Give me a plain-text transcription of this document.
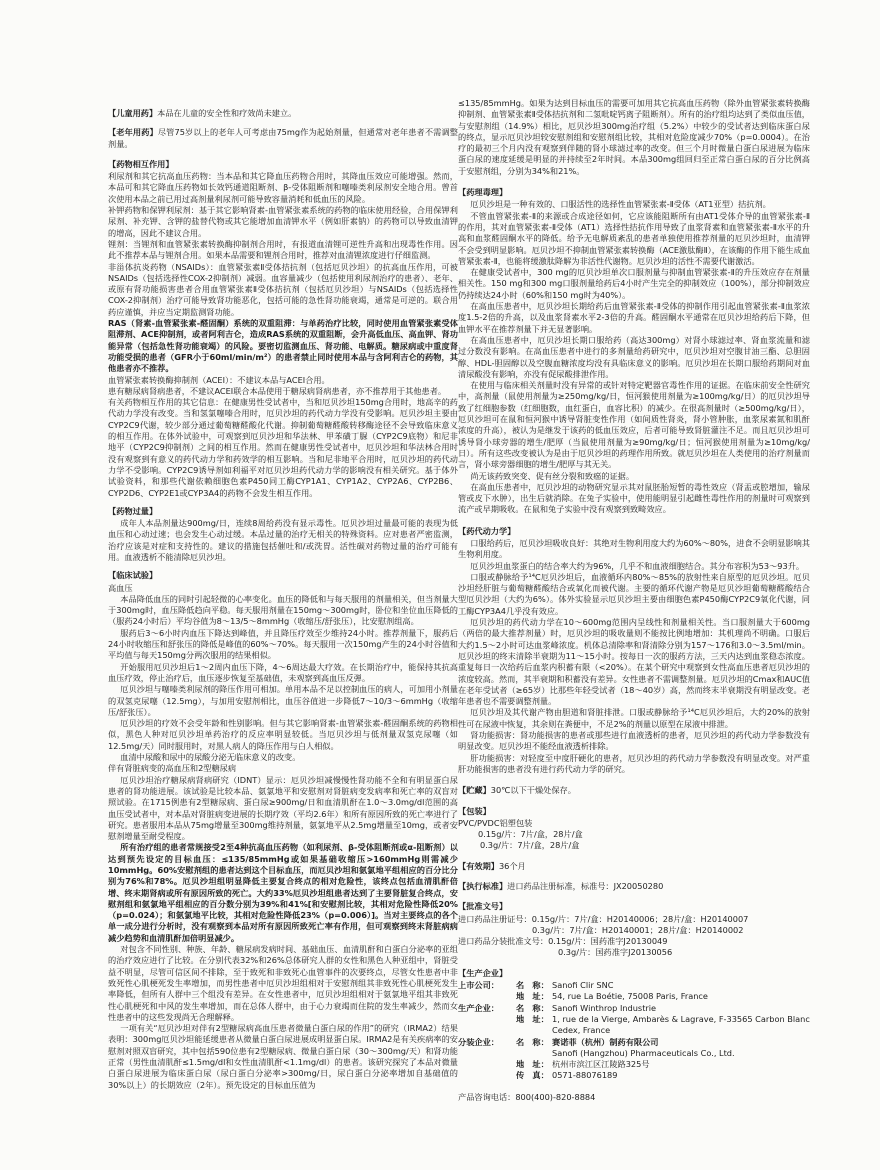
【儿童用药】本品在儿童的安全性和疗效尚未建立。

【老年用药】尽管75岁以上的老年人可考虑由75mg作为起始剂量，但通常对老年患者不需调整剂量。

【药物相互作用】

利尿剂和其它抗高血压药物：当本品和其它降血压药物合用时，其降血压效应可能增强。然而，本品可和其它降血压药物如长效钙通道阻断剂、β-受体阻断剂和噻嗪类利尿剂安全地合用。曾首次使用本品之前已用过高剂量利尿剂可能导致容量消耗和低血压的风险。

补钾药物和保钾利尿剂：基于其它影响肾素-血管紧张素系统的药物的临床使用经验，合用保钾利尿剂、补充钾、含钾的盐替代物或其它能增加血清钾水平（例如肝素钠）的药物可以导致血清钾的增高，因此不建议合用。

锂剂：当锂剂和血管紧张素转换酶抑制剂合用时，有报道血清锂可逆性升高和出现毒性作用。因此不推荐本品与锂剂合用。如果本品需要和锂剂合用时，推荐对血清锂浓度进行仔细监测。

非甾体抗炎药物（NSAIDs）：血管紧张素Ⅱ受体拮抗剂（包括厄贝沙坦）的抗高血压作用，可被NSAIDs（包括选择性COX-2抑制剂）减弱。血容量减少（包括使用利尿剂治疗的患者）、老年、或原有肾功能损害患者合用血管紧张素Ⅱ受体拮抗剂（包括厄贝沙坦）与NSAIDs（包括选择性COX-2抑制剂）治疗可能导致肾功能恶化，包括可能的急性肾功能衰竭，通常是可逆的。联合用药应谨慎，并应当定期监测肾功能。

RAS（肾素-血管紧张素-醛固酮）系统的双重阻滞：与单药治疗比较，同时使用血管紧张素受体阻滞剂、ACE抑制剂，或者阿利吉仑，造成RAS系统的双重阻断，会升高低血压、高血钾、肾功能异常（包括急性肾功能衰竭）的风险。要密切监测血压、肾功能、电解质。糖尿病或中重度肾功能受损的患者（GFR小于60ml/min/m²）的患者禁止同时使用本品与含阿利吉仑的药物，其他患者亦不推荐。

血管紧张素转换酶抑制剂（ACEI）：不建议本品与ACEI合用。

患有糖尿病肾病患者，不建议ACEI联合本品使用于糖尿病肾病患者，亦不推荐用于其他患者。

有关药物相互作用的其它信息：在健康男性受试者中，当和厄贝沙坦150mg合用时，地高辛的药代动力学没有改变。当和氢氯噻嗪合用时，厄贝沙坦的药代动力学没有受影响。厄贝沙坦主要由CYP2C9代谢，较少部分通过葡萄糖醛酸化代谢。抑制葡萄糖醛酸转移酶途径不会导致临床意义的相互作用。在体外试验中，可观察到厄贝沙坦和华法林、甲苯磺丁脲（CYP2C9底物）和尼非地平（CYP2C9抑制剂）之间的相互作用。然而在健康男性受试者中，厄贝沙坦和华法林合用时没有观察到有意义的药代动力学和药效学的相互影响。当和尼非地平合用时，厄贝沙坦的药代动力学不受影响。CYP2C9诱导剂如利福平对厄贝沙坦药代动力学的影响没有相关研究。基于体外试验资料，和那些代谢依赖细胞色素P450同工酶CYP1A1、CYP1A2、CYP2A6、CYP2B6、CYP2D6、CYP2E1或CYP3A4的药物不会发生相互作用。

【药物过量】

成年人本品剂量达900mg/日，连续8周给药没有显示毒性。厄贝沙坦过量最可能的表现为低血压和心动过速；也会发生心动过缓。本品过量的治疗无相关的特殊资料。应对患者严密监测，治疗应该是对症和支持性的。建议的措施包括催吐和/或洗胃。活性碳对药物过量的治疗可能有用。血液透析不能清除厄贝沙坦。

【临床试验】

高血压

本品降低血压的同时引起轻微的心率变化。血压的降低和与每天服用的剂量相关，但当剂量大于300mg时，血压降低趋向平稳。每天服用剂量在150mg～300mg时，卧位和坐位血压降低的（服药24小时后）平均谷值为8～13/5～8mmHg（收缩压/舒张压），比安慰剂组高。

服药后3～6小时内血压下降达到峰值，并且降压疗效至少维持24小时。推荐剂量下，服药后24小时收缩压和舒张压的降低是峰值的60%～70%。每天服用一次150mg产生的24小时谷值和平均值与每天150mg分两次服用的结果相似。

开始服用厄贝沙坦后1～2周内血压下降，4～6周达最大疗效。在长期治疗中，能保持其抗高血压疗效，停止治疗后，血压逐步恢复至基础值，未观察到高血压反弹。

厄贝沙坦与噻嗪类利尿剂的降压作用可相加。单用本品不足以控制血压的病人，可加用小剂量的双氢克尿噻（12.5mg），与加用安慰剂相比，血压谷值进一步降低7～10/3～6mmHg（收缩压/舒张压）。

厄贝沙坦的疗效不会受年龄和性别影响。但与其它影响肾素-血管紧张素-醛固酮系统的药物相似，黑色人种对厄贝沙坦单药治疗的反应率明显较低。当厄贝沙坦与低剂量双氢克尿噻（如12.5mg/天）同时服用时，对黑人病人的降压作用与白人相似。

血清中尿酸和尿中的尿酸分泌无临床意义的改变。

伴有肾脏病变的高血压和2型糖尿病

厄贝沙坦治疗糖尿病肾病研究（IDNT）显示：厄贝沙坦减慢慢性肾功能不全和有明显蛋白尿患者的肾功能进展。该试验是比较本品、氨氯地平和安慰剂对肾脏病变发病率和死亡率的双盲对照试验。在1715例患有2型糖尿病、蛋白尿≥900mg/日和血清肌酐在1.0～3.0mg/dl范围的高血压受试者中，对本品对肾脏病变进展的长期疗效（平均2.6年）和所有原因所致的死亡率进行了研究。患者服用本品从75mg增量至300mg维持剂量，氨氯地平从2.5mg增量至10mg，或者安慰剂增量至耐受程度。

所有治疗组的患者常规接受2至4种抗高血压药物（如利尿剂、β-受体阻断剂或α-阻断剂）以达到预先设定的目标血压：≤135/85mmHg或如果基础收缩压>160mmHg则需减少10mmHg。60%安慰剂组的患者达到这个目标血压，而厄贝沙坦和氨氯地平组相应的百分比分别为76%和78%。厄贝沙坦组明显降低主要复合终点的相对危险性，该终点包括血清肌酐倍增、终末期肾病或所有原因所致的死亡。大约33%厄贝沙坦组患者达到了主要肾脏复合终点，安慰剂组和氨氯地平组相应的百分数分别为39%和41%[和安慰剂比较，其相对危险性降低20%（p=0.024）；和氨氯地平比较，其相对危险性降低23%（p=0.006）]。当对主要终点的各个单一成分进行分析时，没有观察到本品对所有原因所致死亡率有作用，但可观察到终末肾脏病病减少趋势和血清肌酐加倍明显减少。

对包含不同性别、种族、年龄、糖尿病发病时间、基础血压、血清肌酐和白蛋白分泌率的亚组的治疗效应进行了比较。在分别代表32%和26%总体研究人群的女性和黑色人种亚组中，肾脏受益不明显，尽管可信区间不排除，至于致死和非致死心血管事件的次要终点，尽管女性患者中非致死性心肌梗死发生率增加，而男性患者中厄贝沙坦组相对于安慰剂组其非致死性心肌梗死发生率降低，但所有人群中三个组没有差异。在女性患者中，厄贝沙坦组相对于氨氯地平组其非致死性心肌梗死和中风的发生率增加，而在总体人群中，由于心力衰竭而住院的发生率减少，然而女性患者中的这些发现尚无合理解释。

一项有关“厄贝沙坦对伴有2型糖尿病高血压患者微量白蛋白尿的作用”的研究（IRMA2）结果表明：300mg厄贝沙坦能延缓患者从微量白蛋白尿进展成明显蛋白尿。IRMA2是有关疾病率的安慰剂对照双盲研究，其中包括590位患有2型糖尿病、微量白蛋白尿（30～300mg/天）和肾功能正常（男性血清肌酐≤1.5mg/dl和女性血清肌酐<1.1mg/dl）的患者。该研究探究了本品对微量白蛋白尿进展为临床蛋白尿（尿白蛋白分泌率>300mg/日，尿白蛋白分泌率增加自基础值的30%以上）的长期效应（2年）。预先设定的目标血压值为

≤135/85mmHg。如果为达到目标血压的需要可加用其它抗高血压药物（除外血管紧张素转换酶抑制剂、血管紧张素Ⅱ受体拮抗剂和二氢吡啶钙离子阻断剂）。所有的治疗组均达到了类似血压值，与安慰剂组（14.9%）相比，厄贝沙坦300mg治疗组（5.2%）中较少的受试者达到临床蛋白尿的终点，显示厄贝沙坦较安慰剂组和安慰剂组比较，其相对危险度减少70%（p=0.0004）。在治疗的最初三个月内没有观察到伴随的肾小球滤过率的改变。但三个月时微量白蛋白尿进展为临床蛋白尿的速度延缓是明显的并持续至2年时间。本品300mg组回归至正常白蛋白尿的百分比例高于安慰剂组，分别为34%和21%。

【药理毒理】

厄贝沙坦是一种有效的、口服活性的选择性血管紧张素-Ⅱ受体（AT1亚型）拮抗剂。

不管血管紧张素-Ⅱ的来源或合成途径如何，它应该能阻断所有由AT1受体介导的血管紧张素-Ⅱ的作用，其对血管紧张素-Ⅱ受体（AT1）选择性拮抗作用导致了血浆肾素和血管紧张素-Ⅱ水平的升高和血浆醛固酮水平的降低。给予无电解质紊乱的患者单独使用推荐剂量的厄贝沙坦时，血清钾不会受到明显影响。厄贝沙坦不抑制血管紧张素转换酶（ACE激肽酶Ⅱ），在该酶的作用下能生成血管紧张素-Ⅱ，也能将缓激肽降解为非活性代谢物。厄贝沙坦的活性不需要代谢激活。

在健康受试者中，300 mg的厄贝沙坦单次口服剂量与抑制血管紧张素-Ⅱ的升压效应存在剂量相关性。150 mg和300 mg口服剂量给药后4小时产生完全的抑制效应（100%），部分抑制效应仍持续达24小时（60%和150 mg时为40%）。

在高血压患者中，厄贝沙坦长期给药后血管紧张素-Ⅱ受体的抑制作用引起血管紧张素-Ⅱ血浆浓度1.5-2倍的升高，以及血浆肾素水平2-3倍的升高。醛固酮水平通常在厄贝沙坦给药后下降，但血钾水平在推荐剂量下并无显著影响。

在高血压患者中，厄贝沙坦长期口服给药（高达300mg）对肾小球滤过率、肾血浆流量和滤过分数没有影响。在高血压患者中进行的多剂量给药研究中，厄贝沙坦对空腹甘油三酯、总胆固醇、HDL-胆固醇以及空腹血糖浓度均没有具临床意义的影响。厄贝沙坦在长期口服给药期间对血清尿酸没有影响，亦没有促尿酸排泄作用。

在使用与临床相关剂量时没有异常的或针对特定靶器官毒性作用的证据。在临床前安全性研究中，高剂量（鼠使用剂量为≥250mg/kg/日，恒河猴使用剂量为≥100mg/kg/日）的厄贝沙坦导致了红细胞参数（红细胞数，血红蛋白，血容比积）的减少。在很高剂量时（≥500mg/kg/日），厄贝沙坦可在鼠和恒河猴中诱导肾脏变性作用（如间质性肾炎，肾小管肿胀，血浆尿素氮和肌酐浓度的升高），被认为是继发于该药的低血压效应，后者可能导致肾脏灌注不足。而且厄贝沙坦可诱导肾小球旁器的增生/肥厚（当鼠使用剂量为≥90mg/kg/日；恒河猴使用剂量为≥10mg/kg/日）。所有这些改变被认为是由于厄贝沙坦的药理作用所致。就厄贝沙坦在人类使用的治疗剂量而言，肾小球旁器细胞的增生/肥厚与其无关。

尚无该药致突变、促有丝分裂和致癌的证据。

在高血压患者中，厄贝沙坦的动物研究显示其对鼠胚胎短暂的毒性效应（肾盂或腔增加，输尿管或皮下水肿），出生后就消除。在兔子实验中，使用能明显引起雌性毒性作用的剂量时可观察到流产或早期吸收。在鼠和兔子实验中没有观察到致畸效应。

【药代动力学】

口服给药后，厄贝沙坦吸收良好：其绝对生物利用度大约为60%～80%，进食不会明显影响其生物利用度。

厄贝沙坦血浆蛋白的结合率大约为96%，几乎不和血液细胞结合。其分布容积为53～93升。

口服或静脉给予¹⁴C厄贝沙坦后，血液循环内80%～85%的放射性来自原型的厄贝沙坦。厄贝沙坦经肝脏与葡萄糖醛酸结合或氧化而被代谢。主要的循环代谢产物是厄贝沙坦葡萄糖醛酸结合型厄贝沙坦（大约为6%）。体外实验显示厄贝沙坦主要由细胞色素P450酶CYP2C9氧化代谢，同工酶CYP3A4几乎没有效应。

厄贝沙坦的药代动力学在10～600mg范围内呈线性和剂量相关性。当口服剂量大于600mg（两倍的最大推荐剂量）时，厄贝沙坦的吸收量则不能按比例地增加：其机理尚不明确。口服后大约1.5～2小时可达血浆峰浓度。机体总清除率和肾清除分别为157～176和3.0～3.5ml/min。厄贝沙坦的终末清除半衰期为11～15小时。按每日一次的服药方法，三天内达到血浆稳态浓度。重复每日一次给药后血浆内积蓄有限（<20%）。在某个研究中观察到女性高血压患者厄贝沙坦的浓度较高。然而，其半衰期和积蓄没有差异。女性患者不需调整剂量。厄贝沙坦的Cmax和AUC值在老年受试者（≥65岁）比那些年轻受试者（18～40岁）高，然而终末半衰期没有明显改变。老年患者也不需要调整剂量。

厄贝沙坦及其代谢产物由胆道和肾脏排泄。口服或静脉给予¹⁴C厄贝沙坦后，大约20%的放射性可在尿液中恢复，其余则在粪便中，不足2%的剂量以原型在尿液中排泄。

肾功能损害：肾功能损害的患者或那些进行血液透析的患者，厄贝沙坦的药代动力学参数没有明显改变。厄贝沙坦不能经血液透析排除。

肝功能损害：对轻度至中度肝硬化的患者，厄贝沙坦的药代动力学参数没有明显改变。对严重肝功能损害的患者没有进行药代动力学的研究。

【贮藏】30℃以下干燥处保存。
【包装】
PVC/PVDC铝塑包装
0.15g/片：7片/盒，28片/盒
0.3g/片：7片/盒，28片/盒
【有效期】36个月
【执行标准】进口药品注册标准，标准号：JX20050280
【批准文号】
进口药品注册证号：0.15g/片：7片/盒：H20140006；28片/盒：H20140007
0.3g/片：7片/盒：H20140001；28片/盒：H20140002
进口药品分装批准文号：0.15g/片：国药准字J20130049
0.3g/片：国药准字J20130056
【生产企业】
上市公司：	名　称： Sanofi Clir SNC
地　址： 54, rue La Boétie, 75008 Paris, France
生产企业：	名　称： Sanofi Winthrop Industrie
地　址： 1, rue de la Vierge, Ambarès & Lagrave, F-33565 Carbon Blanc Cedex, France
分装企业：	名　称： 赛诺菲（杭州）制药有限公司
Sanofi (Hangzhou) Pharmaceuticals Co., Ltd.
地　址： 杭州市滨江区江陵路325号
传　真： 0571-88076189
产品咨询电话：800(400)-820-8884
